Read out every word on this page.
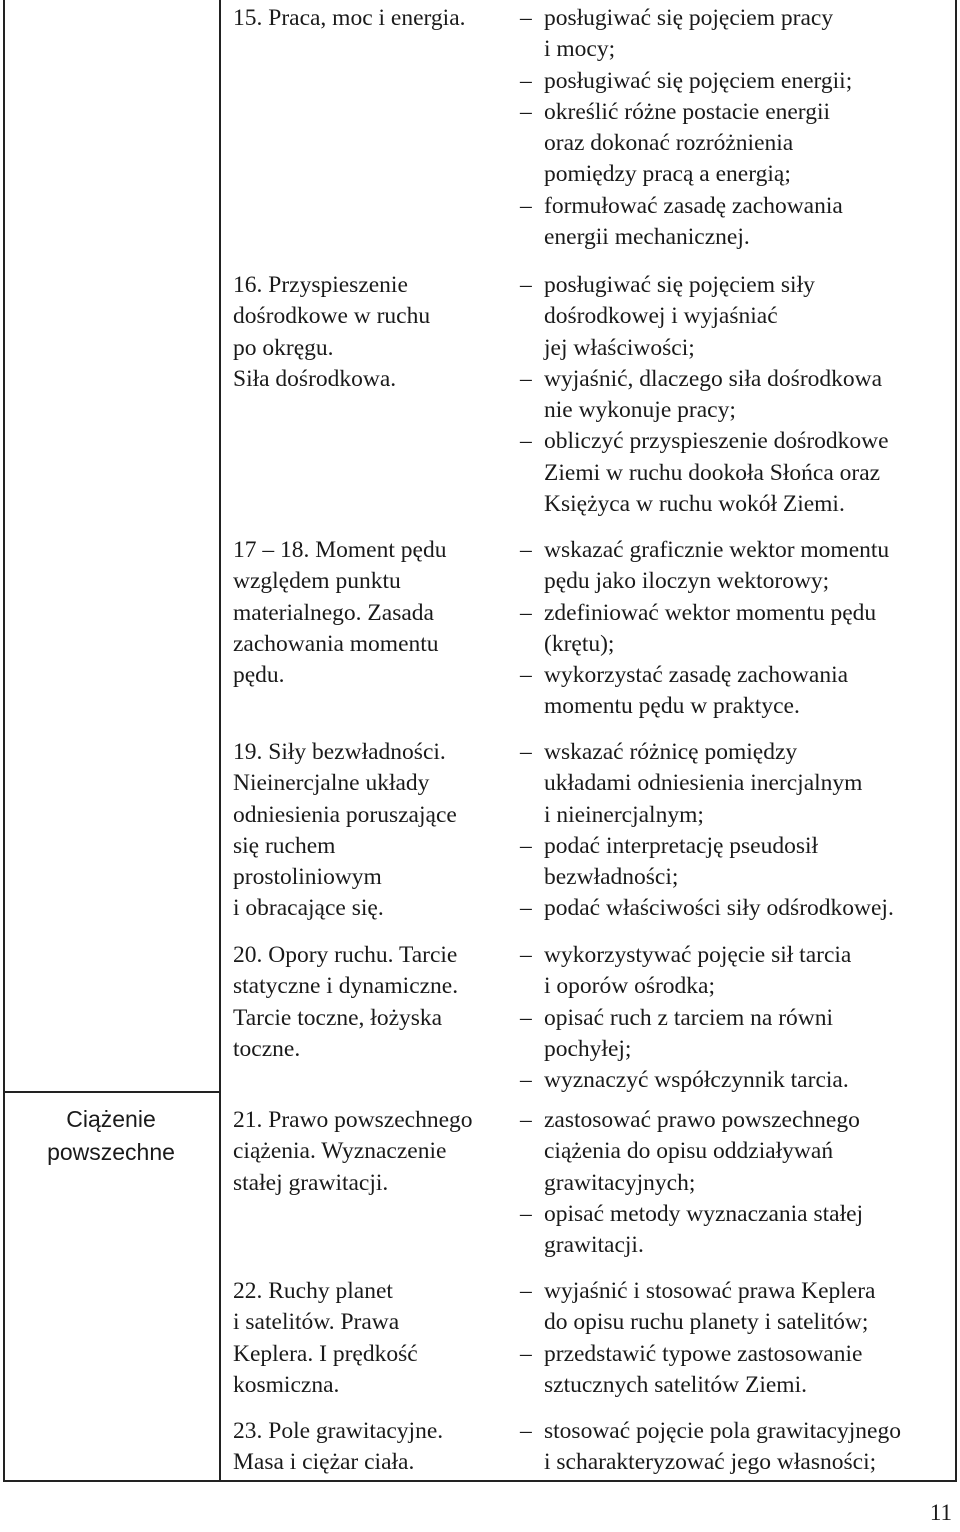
Ciążenie
powszechne
15. Praca, moc i energia.	– posługiwać się pojęciem pracy
i mocy;
– posługiwać się pojęciem energii;
– określić różne postacie energii
oraz dokonać rozróżnienia
pomiędzy pracą a energią;
– formułować zasadę zachowania
energii mechanicznej.
16. Przyspieszenie
dośrodkowe w ruchu
po okręgu.
Siła dośrodkowa.
– posługiwać się pojęciem siły
dośrodkowej i wyjaśniać
jej właściwości;
– wyjaśnić, dlaczego siła dośrodkowa
nie wykonuje pracy;
– obliczyć przyspieszenie dośrodkowe
Ziemi w ruchu dookoła Słońca oraz
Księżyca w ruchu wokół Ziemi.
17 – 18. Moment pędu
względem punktu
materialnego. Zasada
zachowania momentu
pędu.
– wskazać graficznie wektor momentu
pędu jako iloczyn wektorowy;
– zdefiniować wektor momentu pędu
(krętu);
– wykorzystać zasadę zachowania
momentu pędu w praktyce.
19. Siły bezwładności.
Nieinercjalne układy
odniesienia poruszające
się ruchem
prostoliniowym
i obracające się.
– wskazać różnicę pomiędzy
układami odniesienia inercjalnym
i nieinercjalnym;
– podać interpretację pseudosił
bezwładności;
– podać właściwości siły odśrodkowej.
20. Opory ruchu. Tarcie
statyczne i dynamiczne.
Tarcie toczne, łożyska
toczne.
– wykorzystywać pojęcie sił tarcia
i oporów ośrodka;
– opisać ruch z tarciem na równi
pochyłej;
– wyznaczyć współczynnik tarcia.
21. Prawo powszechnego
ciążenia. Wyznaczenie
stałej grawitacji.
– zastosować prawo powszechnego
ciążenia do opisu oddziaływań
grawitacyjnych;
– opisać metody wyznaczania stałej
grawitacji.
22. Ruchy planet
i satelitów. Prawa
Keplera. I prędkość
kosmiczna.
– wyjaśnić i stosować prawa Keplera
do opisu ruchu planety i satelitów;
– przedstawić typowe zastosowanie
sztucznych satelitów Ziemi.
23. Pole grawitacyjne.
Masa i ciężar ciała.
– stosować pojęcie pola grawitacyjnego
i scharakteryzować jego własności;
11
